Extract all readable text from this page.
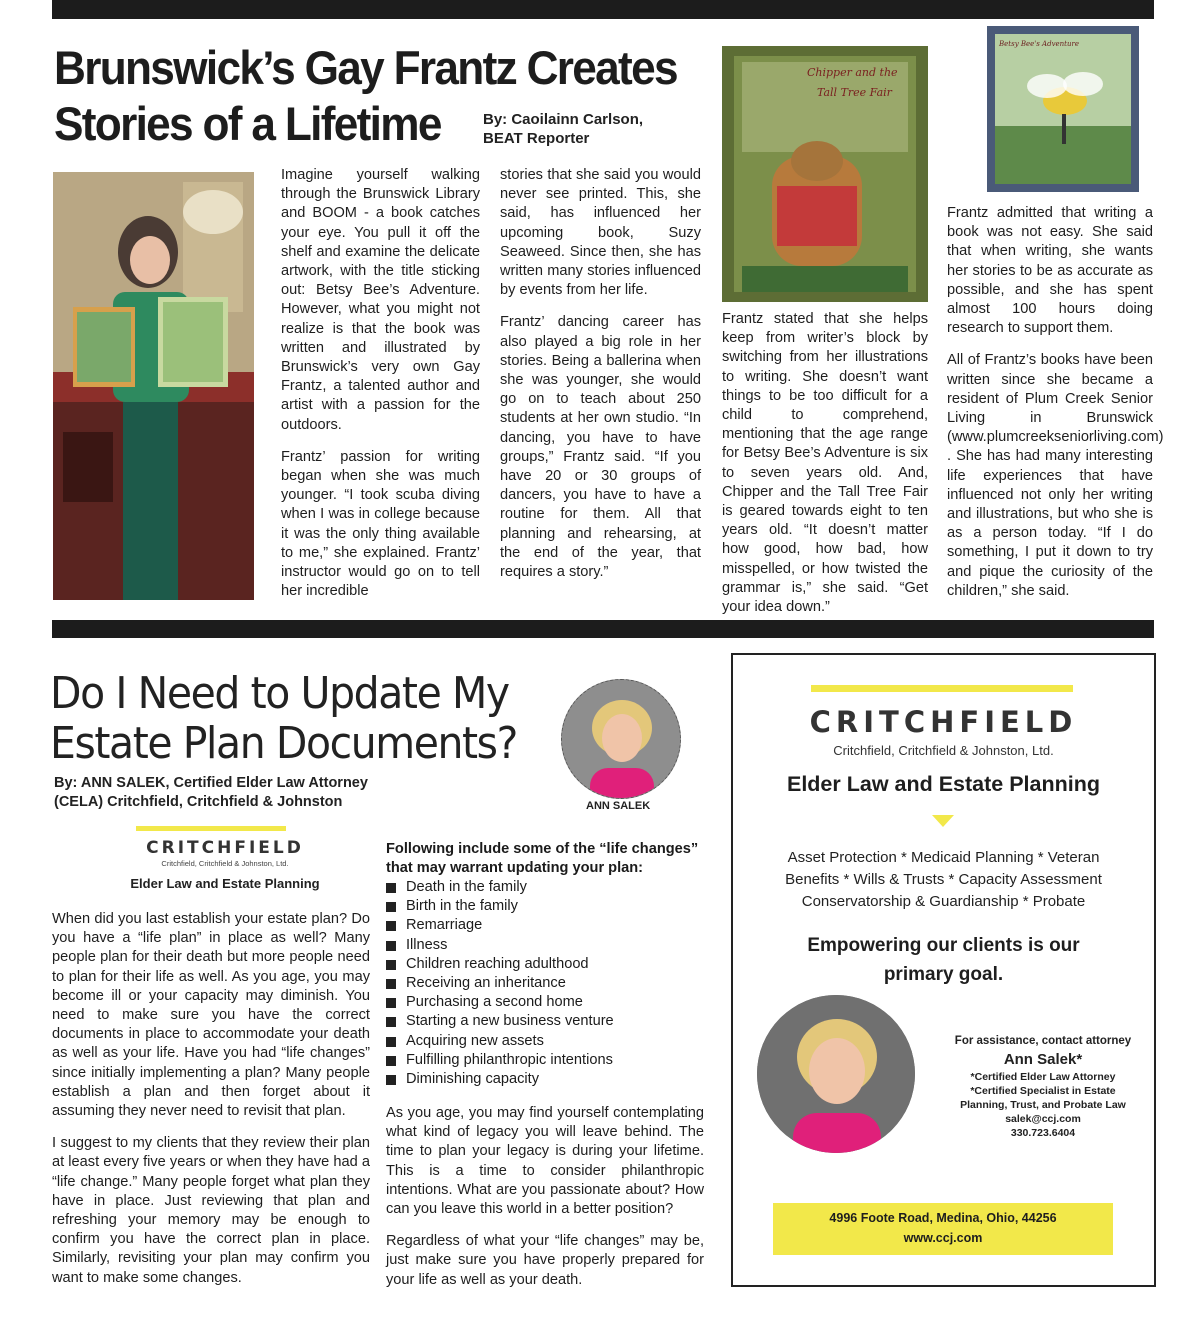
Brunswick’s Gay Frantz Creates
Stories of a Lifetime	By: Caoilainn Carlson,
BEAT Reporter

Imagine yourself walking through the Brunswick Library and BOOM - a book catches your eye. You pull it off the shelf and examine the delicate artwork, with the title sticking out: Betsy Bee’s Adventure. However, what you might not realize is that the book was written and illustrated by Brunswick’s very own Gay Frantz, a talented author and artist with a passion for the outdoors.

Frantz’ passion for writing began when she was much younger. “I took scuba diving when I was in college because it was the only thing available to me,” she explained. Frantz’ instructor would go on to tell her incredible

stories that she said you would never see printed. This, she said, has influenced her upcoming book, Suzy Seaweed. Since then, she has written many stories influenced by events from her life.

Frantz’ dancing career has also played a big role in her stories. Being a ballerina when she was younger, she would go on to teach about 250 students at her own studio. “In dancing, you have to have groups,” Frantz said. “If you have 20 or 30 groups of dancers, you have to have a routine for them. All that planning and rehearsing, at the end of the year, that requires a story.”

Chipper and the
Tall Tree Fair
Betsy Bee's Adventure

Frantz stated that she helps keep from writer’s block by switching from her illustrations to writing. She doesn’t want things to be too difficult for a child to comprehend, mentioning that the age range for Betsy Bee’s Adventure is six to seven years old. And, Chipper and the Tall Tree Fair is geared towards eight to ten years old. “It doesn’t matter how good, how bad, how misspelled, or how twisted the grammar is,” she said. “Get your idea down.”

Frantz admitted that writing a book was not easy. She said that when writing, she wants her stories to be as accurate as possible, and she has spent almost 100 hours doing research to support them.

All of Frantz’s books have been written since she became a resident of Plum Creek Senior Living in Brunswick (www.plumcreekseniorliving.com) . She has had many interesting life experiences that have influenced not only her writing and illustrations, but who she is as a person today. “If I do something, I put it down to try and pique the curiosity of the children,” she said.

Do I Need to Update My
Estate Plan Documents?
By: ANN SALEK, Certified Elder Law Attorney
(CELA) Critchfield, Critchfield & Johnston	ANN SALEK
CRITCHFIELD
Critchfield, Critchfield & Johnston, Ltd.
Elder Law and Estate Planning

When did you last establish your estate plan? Do you have a “life plan” in place as well? Many people plan for their death but more people need to plan for their life as well. As you age, you may become ill or your capacity may diminish. You need to make sure you have the correct documents in place to accommodate your death as well as your life. Have you had “life changes” since initially implementing a plan? Many people establish a plan and then forget about it assuming they never need to revisit that plan.

I suggest to my clients that they review their plan at least every five years or when they have had a “life change.” Many people forget what plan they have in place. Just reviewing that plan and refreshing your memory may be enough to confirm you have the correct plan in place. Similarly, revisiting your plan may confirm you want to make some changes.

Following include some of the “life changes” that may warrant updating your plan:
Death in the family
Birth in the family
Remarriage
Illness
Children reaching adulthood
Receiving an inheritance
Purchasing a second home
Starting a new business venture
Acquiring new assets
Fulfilling philanthropic intentions
Diminishing capacity

As you age, you may find yourself contemplating what kind of legacy you will leave behind. The time to plan your legacy is during your lifetime. This is a time to consider philanthropic intentions. What are you passionate about? How can you leave this world in a better position?

Regardless of what your “life changes” may be, just make sure you have properly prepared for your life as well as your death.

CRITCHFIELD
Critchfield, Critchfield & Johnston, Ltd.
Elder Law and Estate Planning
Asset Protection * Medicaid Planning * Veteran
Benefits * Wills & Trusts * Capacity Assessment
Conservatorship & Guardianship * Probate
Empowering our clients is our
primary goal.
For assistance, contact attorney
Ann Salek*
*Certified Elder Law Attorney
*Certified Specialist in Estate
Planning, Trust, and Probate Law
salek@ccj.com
330.723.6404
4996 Foote Road, Medina, Ohio, 44256
www.ccj.com
